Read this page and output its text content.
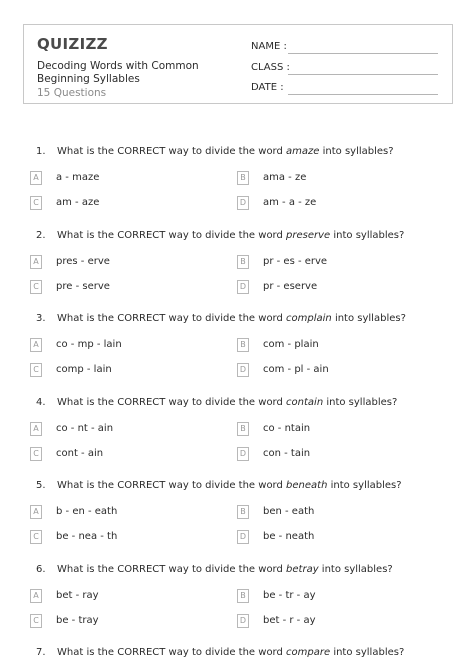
QUIZIZZ
Decoding Words with Common Beginning Syllables
15 Questions
NAME :
CLASS :
DATE :
1. What is the CORRECT way to divide the word amaze into syllables?
A	a - maze	B	ama - ze
C	am - aze	D am - a - ze
2. What is the CORRECT way to divide the word preserve into syllables?
A	pres - erve	B	pr - es - erve
C	pre - serve	D pr - eserve
3. What is the CORRECT way to divide the word complain into syllables?
A	co - mp - lain	B	com - plain
C	comp - lain	D com - pl - ain
4. What is the CORRECT way to divide the word contain into syllables?
A	co - nt - ain	B	co - ntain
C	cont - ain	D con - tain
5. What is the CORRECT way to divide the word beneath into syllables?
A	b - en - eath	B	ben - eath
C	be - nea - th	D be - neath
6. What is the CORRECT way to divide the word betray into syllables?
A	bet - ray	B	be - tr - ay
C	be - tray	D bet - r - ay
7. What is the CORRECT way to divide the word compare into syllables?
